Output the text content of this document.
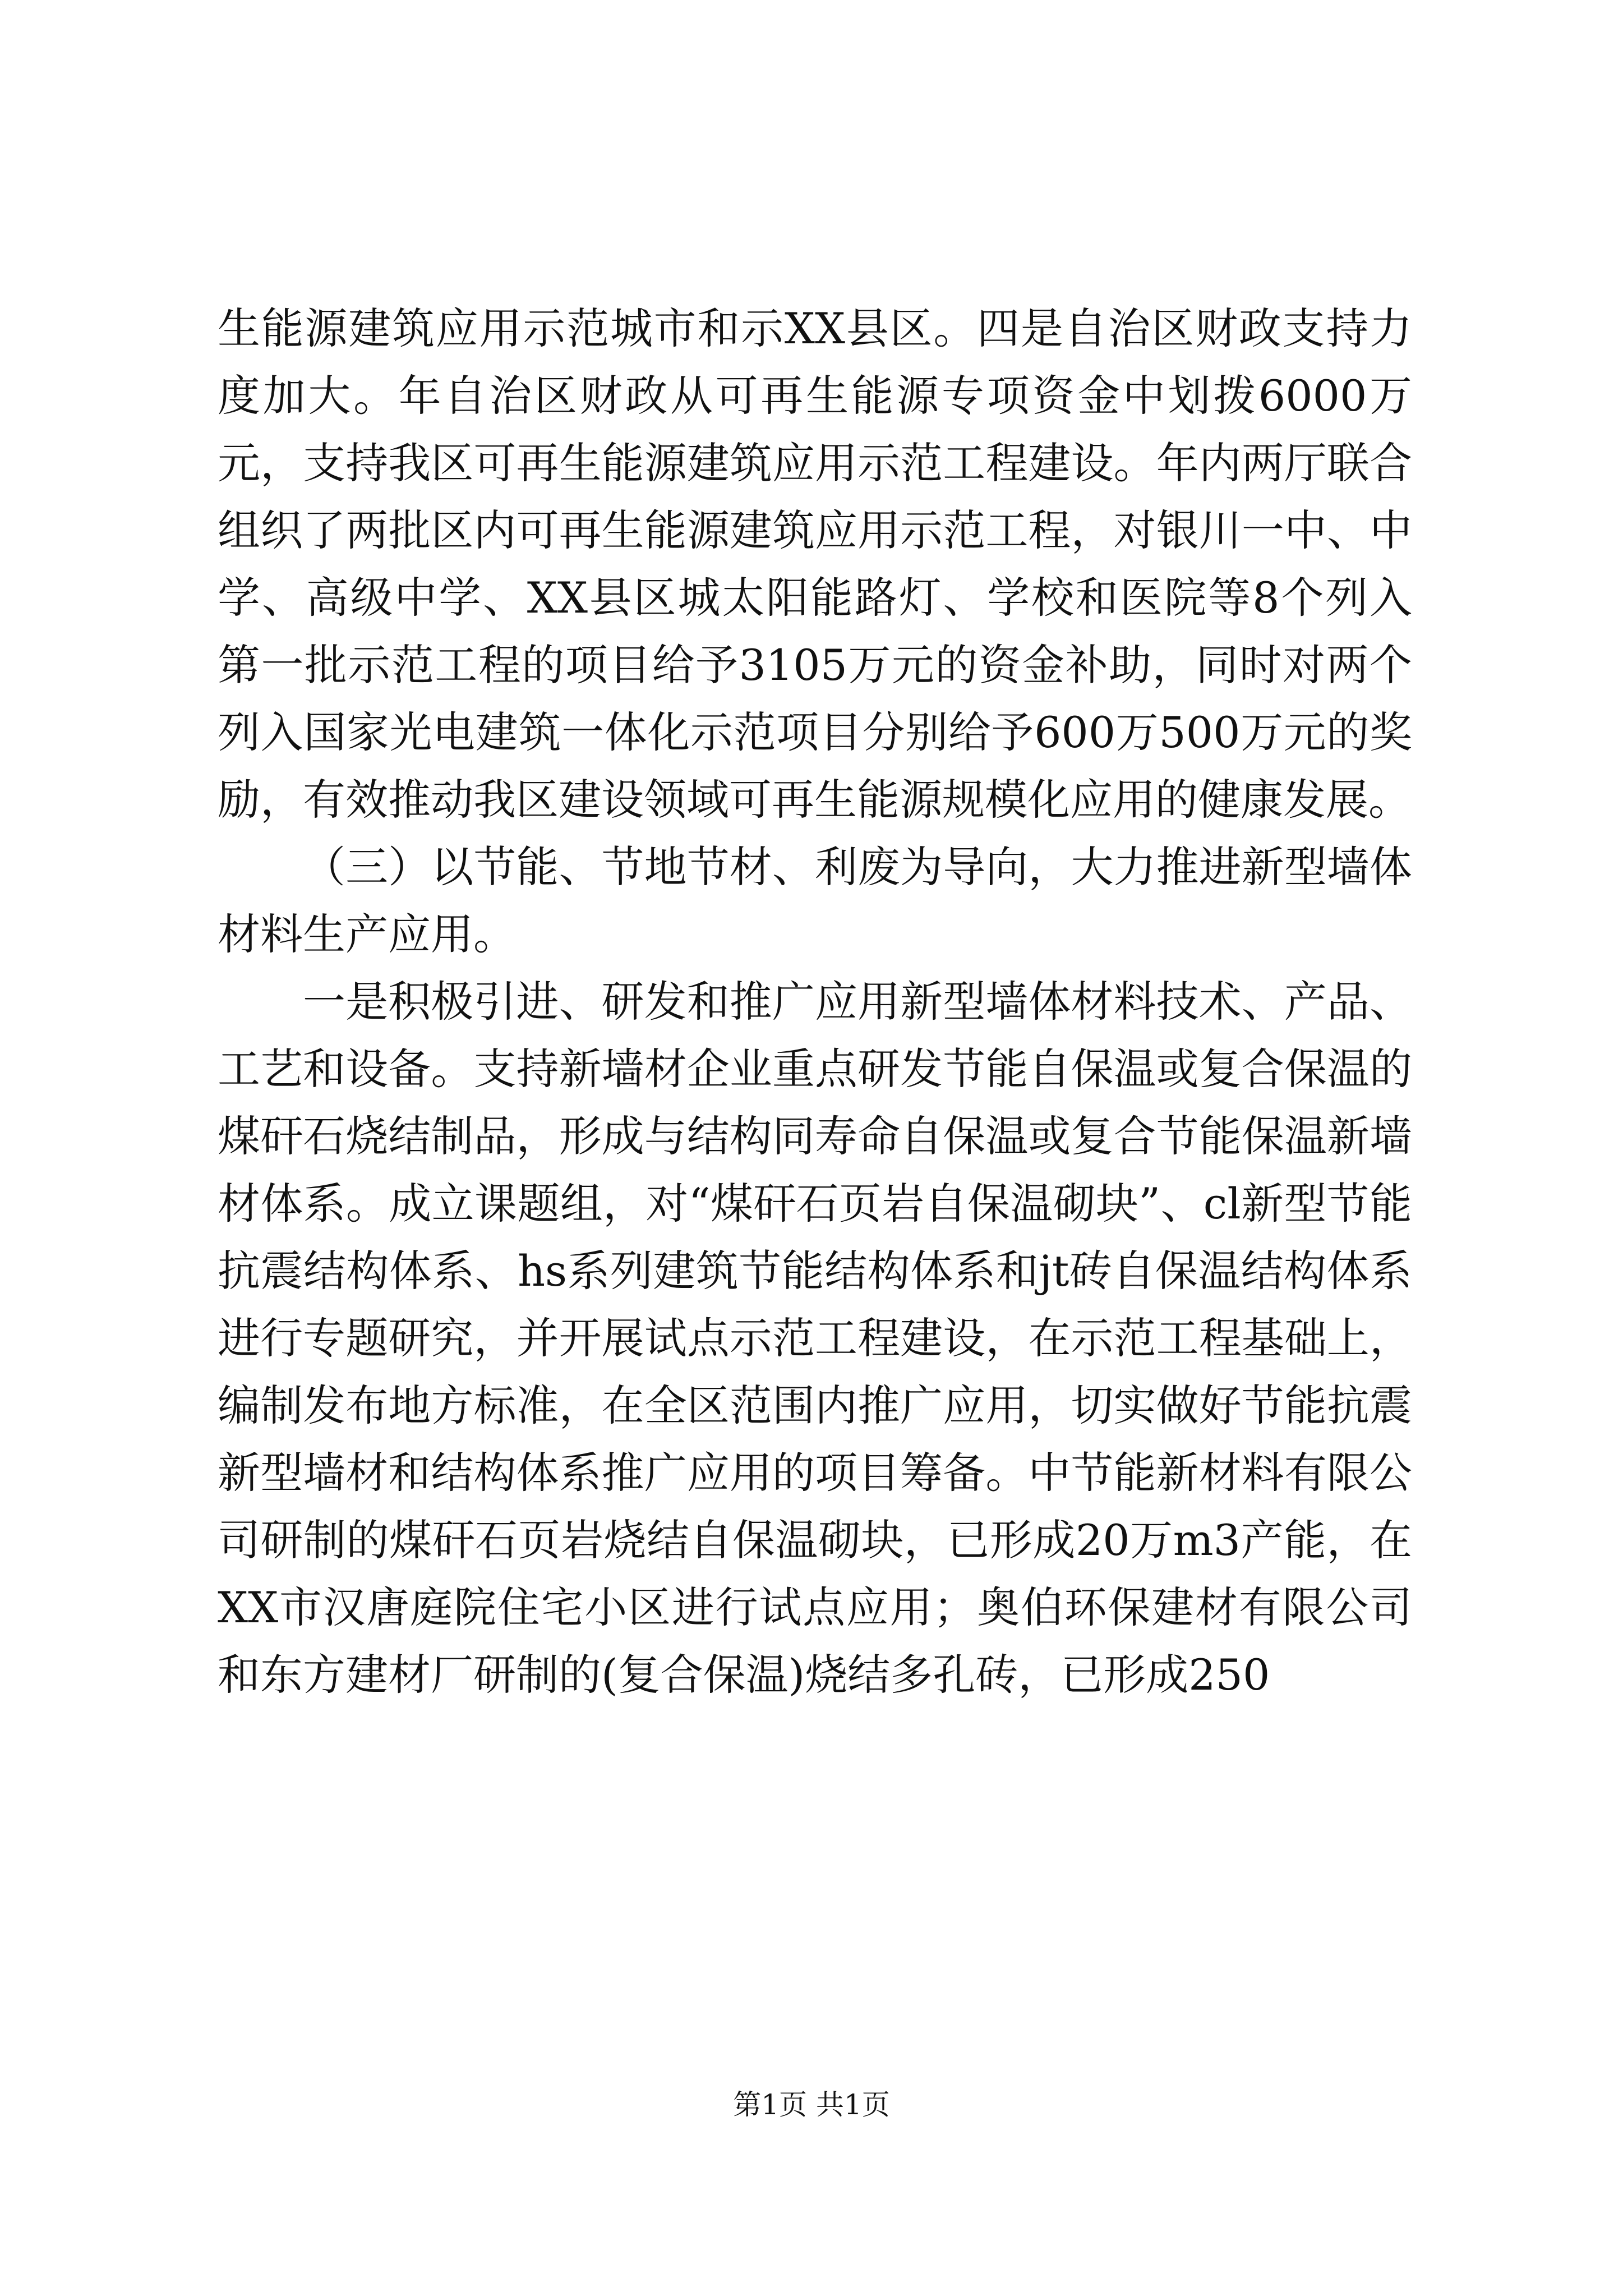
生能源建筑应用示范城市和示XX县区。四是自治区财政支持力度加大。年自治区财政从可再生能源专项资金中划拨6000万元，支持我区可再生能源建筑应用示范工程建设。年内两厅联合组织了两批区内可再生能源建筑应用示范工程，对银川一中、中学、高级中学、XX县区城太阳能路灯、学校和医院等8个列入第一批示范工程的项目给予3105万元的资金补助，同时对两个列入国家光电建筑一体化示范项目分别给予600万500万元的奖励，有效推动我区建设领域可再生能源规模化应用的健康发展。

（三）以节能、节地节材、利废为导向，大力推进新型墙体材料生产应用。

一是积极引进、研发和推广应用新型墙体材料技术、产品、工艺和设备。支持新墙材企业重点研发节能自保温或复合保温的煤矸石烧结制品，形成与结构同寿命自保温或复合节能保温新墙材体系。成立课题组，对“煤矸石页岩自保温砌块”、cl新型节能抗震结构体系、hs系列建筑节能结构体系和jt砖自保温结构体系进行专题研究，并开展试点示范工程建设，在示范工程基础上，编制发布地方标准，在全区范围内推广应用，切实做好节能抗震新型墙材和结构体系推广应用的项目筹备。中节能新材料有限公司研制的煤矸石页岩烧结自保温砌块，已形成20万m3产能，在XX市汉唐庭院住宅小区进行试点应用；奥伯环保建材有限公司和东方建材厂研制的(复合保温)烧结多孔砖，已形成250

第1页 共1页
